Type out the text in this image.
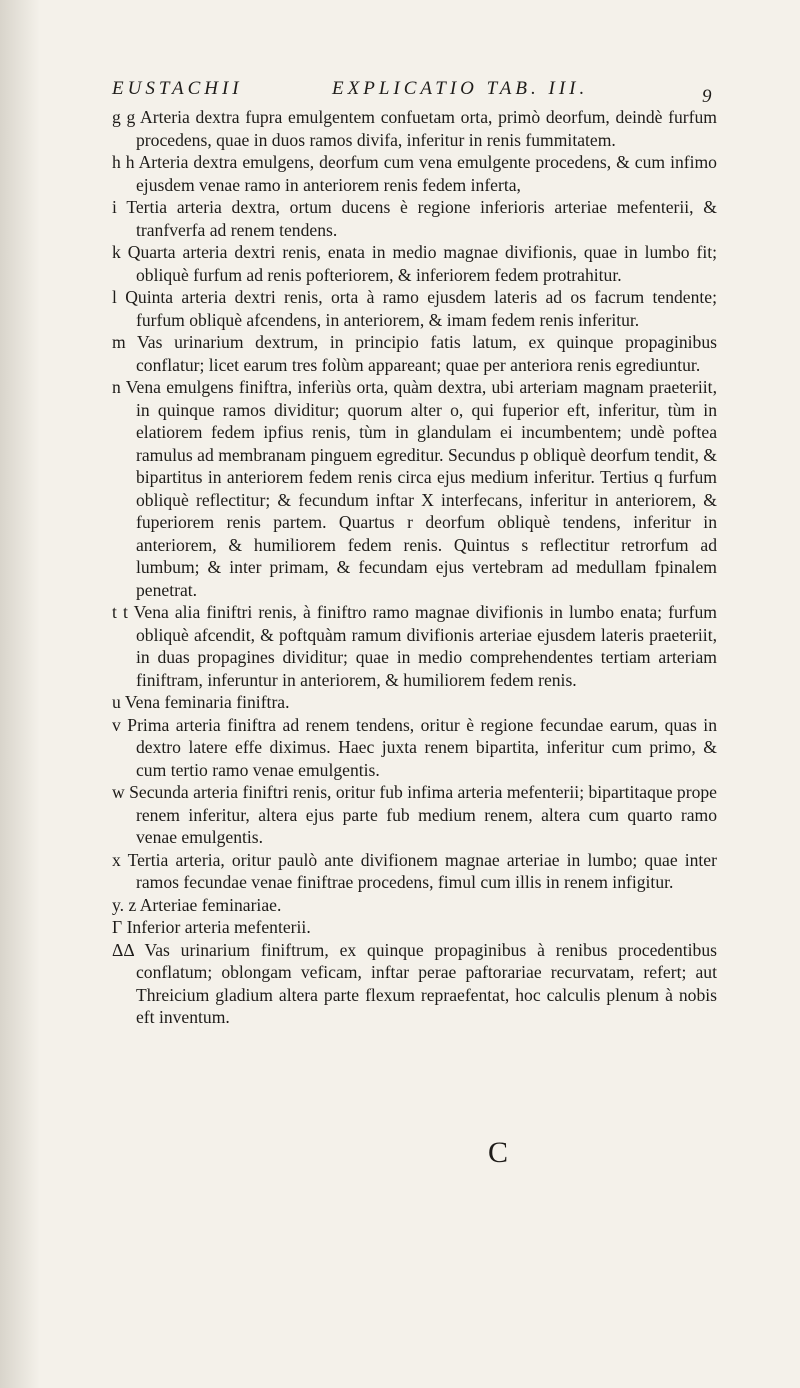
EUSTACHII	EXPLICATIO TAB. III.	9

g g Arteria dextra fupra emulgentem confuetam orta, primò deorfum, deindè furfum procedens, quae in duos ramos divifa, inferitur in renis fummitatem.

h h Arteria dextra emulgens, deorfum cum vena emulgente procedens, & cum infimo ejusdem venae ramo in anteriorem renis fedem inferta,

i Tertia arteria dextra, ortum ducens è regione inferioris arteriae mefenterii, & tranfverfa ad renem tendens.

k Quarta arteria dextri renis, enata in medio magnae divifionis, quae in lumbo fit; obliquè furfum ad renis pofteriorem, & inferiorem fedem protrahitur.

l Quinta arteria dextri renis, orta à ramo ejusdem lateris ad os facrum tendente; furfum obliquè afcendens, in anteriorem, & imam fedem renis inferitur.

m Vas urinarium dextrum, in principio fatis latum, ex quinque propaginibus conflatur; licet earum tres folùm appareant; quae per anteriora renis egrediuntur.

n Vena emulgens finiftra, inferiùs orta, quàm dextra, ubi arteriam magnam praeteriit, in quinque ramos dividitur; quorum alter o, qui fuperior eft, inferitur, tùm in elatiorem fedem ipfius renis, tùm in glandulam ei incumbentem; undè poftea ramulus ad membranam pinguem egreditur. Secundus p obliquè deorfum tendit, & bipartitus in anteriorem fedem renis circa ejus medium inferitur. Tertius q furfum obliquè reflectitur; & fecundum inftar X interfecans, inferitur in anteriorem, & fuperiorem renis partem. Quartus r deorfum obliquè tendens, inferitur in anteriorem, & humiliorem fedem renis. Quintus s reflectitur retrorfum ad lumbum; & inter primam, & fecundam ejus vertebram ad medullam fpinalem penetrat.

t t Vena alia finiftri renis, à finiftro ramo magnae divifionis in lumbo enata; furfum obliquè afcendit, & poftquàm ramum divifionis arteriae ejusdem lateris praeteriit, in duas propagines dividitur; quae in medio comprehendentes tertiam arteriam finiftram, inferuntur in anteriorem, & humiliorem fedem renis.

u Vena feminaria finiftra.

v Prima arteria finiftra ad renem tendens, oritur è regione fecundae earum, quas in dextro latere effe diximus. Haec juxta renem bipartita, inferitur cum primo, & cum tertio ramo venae emulgentis.

w Secunda arteria finiftri renis, oritur fub infima arteria mefenterii; bipartitaque prope renem inferitur, altera ejus parte fub medium renem, altera cum quarto ramo venae emulgentis.

x Tertia arteria, oritur paulò ante divifionem magnae arteriae in lumbo; quae inter ramos fecundae venae finiftrae procedens, fimul cum illis in renem infigitur.

y. z Arteriae feminariae.

Γ Inferior arteria mefenterii.

ΔΔ Vas urinarium finiftrum, ex quinque propaginibus à renibus procedentibus conflatum; oblongam veficam, inftar perae paftorariae recurvatam, refert; aut Threicium gladium altera parte flexum repraefentat, hoc calculis plenum à nobis eft inventum.

C
